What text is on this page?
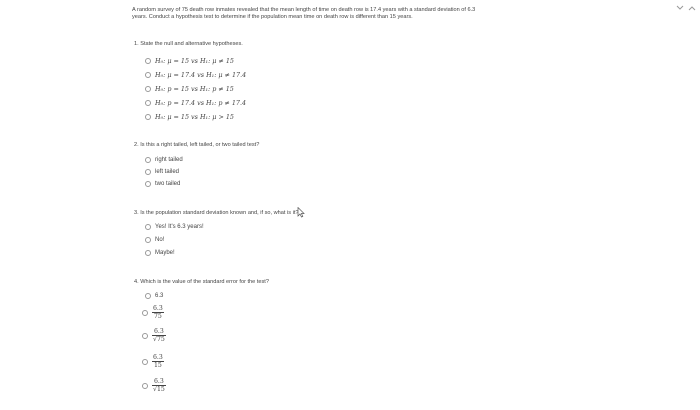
A random survey of 75 death row inmates revealed that the mean length of time on death row is 17.4 years with a standard deviation of 6.3 years. Conduct a hypothesis test to determine if the population mean time on death row is different than 15 years.
1. State the null and alternative hypotheses.
H₀: μ = 15 vs H₁: μ ≠ 15
H₀: μ = 17.4 vs H₁: μ ≠ 17.4
H₀: p = 15 vs H₁: p ≠ 15
H₀: p = 17.4 vs H₁: p ≠ 17.4
H₀: μ = 15 vs H₁: μ > 15
2. Is this a right tailed, left tailed, or two tailed test?
right tailed
left tailed
two tailed
3. Is the population standard deviation known and, if so, what is it?
Yes! It's 6.3 years!
No!
Maybe!
4. Which is the value of the standard error for the test?
6.3
$\frac{6.3}{75}$
$\frac{6.3}{√75}$
$\frac{6.3}{15}$
$\frac{6.3}{√15}$
